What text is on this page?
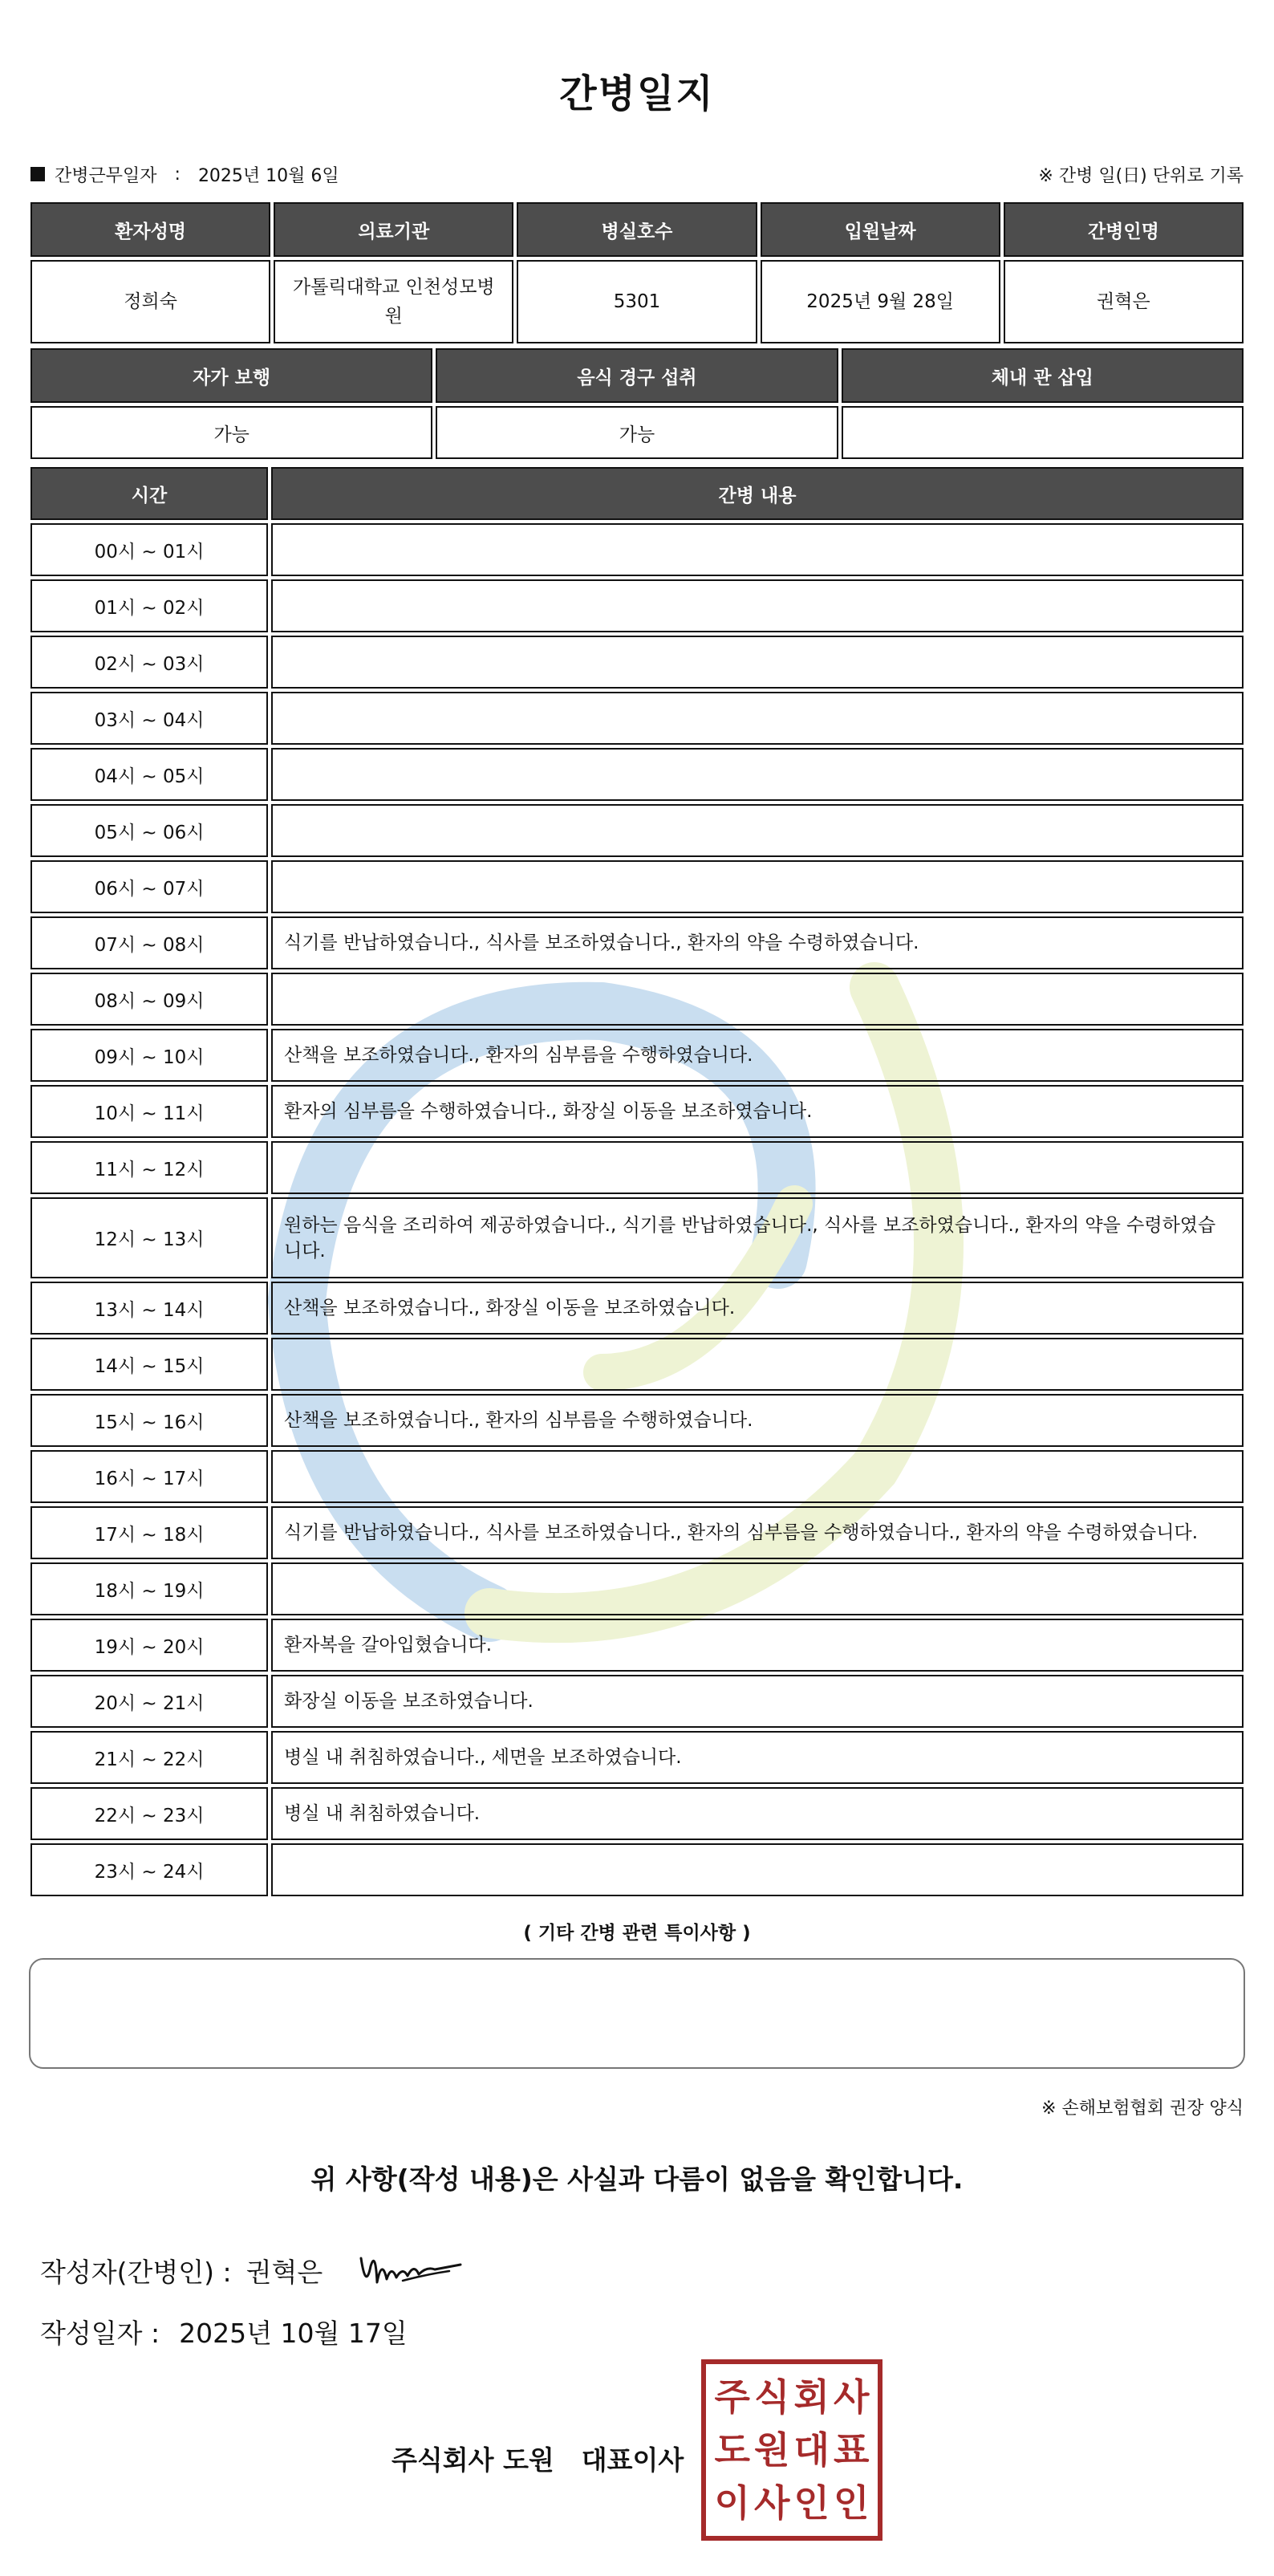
간병일지
간병근무일자 : 2025년 10월 6일	※ 간병 일(日) 단위로 기록
환자성명	의료기관	병실호수	입원날짜	간병인명
정희숙	가톨릭대학교 인천성모병원	5301	2025년 9월 28일	권혁은
자가 보행	음식 경구 섭취	체내 관 삽입
가능	가능	
시간	간병 내용
00시 ~ 01시	
01시 ~ 02시	
02시 ~ 03시	
03시 ~ 04시	
04시 ~ 05시	
05시 ~ 06시	
06시 ~ 07시	
07시 ~ 08시	식기를 반납하였습니다., 식사를 보조하였습니다., 환자의 약을 수령하였습니다.
08시 ~ 09시	
09시 ~ 10시	산책을 보조하였습니다., 환자의 심부름을 수행하였습니다.
10시 ~ 11시	환자의 심부름을 수행하였습니다., 화장실 이동을 보조하였습니다.
11시 ~ 12시	
12시 ~ 13시	원하는 음식을 조리하여 제공하였습니다., 식기를 반납하였습니다., 식사를 보조하였습니다., 환자의 약을 수령하였습니다.
13시 ~ 14시	산책을 보조하였습니다., 화장실 이동을 보조하였습니다.
14시 ~ 15시	
15시 ~ 16시	산책을 보조하였습니다., 환자의 심부름을 수행하였습니다.
16시 ~ 17시	
17시 ~ 18시	식기를 반납하였습니다., 식사를 보조하였습니다., 환자의 심부름을 수행하였습니다., 환자의 약을 수령하였습니다.
18시 ~ 19시	
19시 ~ 20시	환자복을 갈아입혔습니다.
20시 ~ 21시	화장실 이동을 보조하였습니다.
21시 ~ 22시	병실 내 취침하였습니다., 세면을 보조하였습니다.
22시 ~ 23시	병실 내 취침하였습니다.
23시 ~ 24시	
( 기타 간병 관련 특이사항 )
※ 손해보험협회 권장 양식
위 사항(작성 내용)은 사실과 다름이 없음을 확인합니다.
작성자(간병인) : 권혁은
작성일자 : 2025년 10월 17일
주식회사 도원 대표이사
주 식 회 사
도 원 대 표
이 사 인 인
